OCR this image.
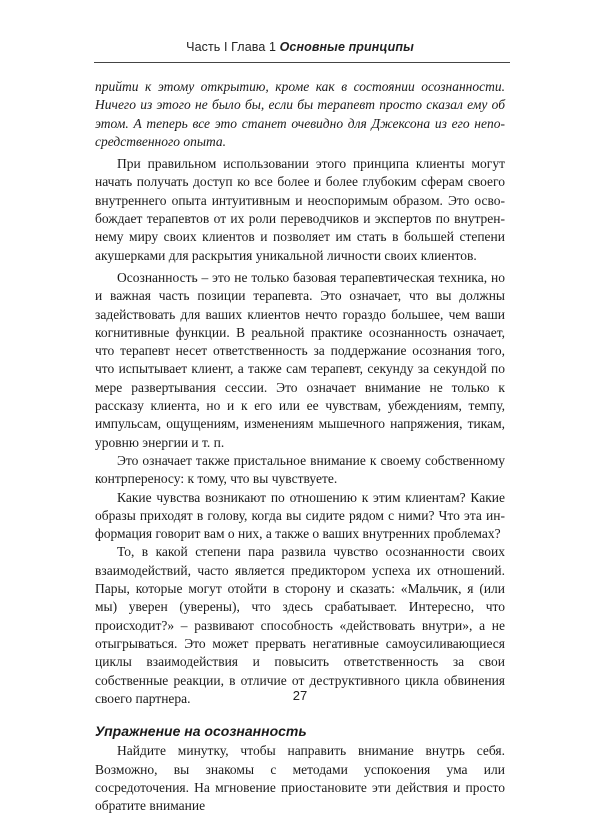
Часть I Глава 1 Основные принципы

прийти к этому открытию, кроме как в состоянии осознанности. Ничего из этого не было бы, если бы терапевт просто сказал ему об этом. А теперь все это станет очевидно для Джексона из его непосредственного опыта.

При правильном использовании этого принципа клиенты могут начать получать доступ ко все более и более глубоким сферам своего внутреннего опыта интуитивным и неоспоримым образом. Это освобождает терапевтов от их роли переводчиков и экспертов по внутреннему миру своих клиентов и позволяет им стать в большей степени акушерками для раскрытия уникальной личности своих клиентов.

Осознанность – это не только базовая терапевтическая техника, но и важная часть позиции терапевта. Это означает, что вы должны задействовать для ваших клиентов нечто гораздо большее, чем ваши когнитивные функции. В реальной практике осознанность означает, что терапевт несет ответственность за поддержание осознания того, что испытывает клиент, а также сам терапевт, секунду за секундой по мере развертывания сессии. Это означает внимание не только к рассказу клиента, но и к его или ее чувствам, убеждениям, темпу, импульсам, ощущениям, изменениям мышечного напряжения, тикам, уровню энергии и т. п.

Это означает также пристальное внимание к своему собственному контрпереносу: к тому, что вы чувствуете.

Какие чувства возникают по отношению к этим клиентам? Какие образы приходят в голову, когда вы сидите рядом с ними? Что эта информация говорит вам о них, а также о ваших внутренних проблемах?

То, в какой степени пара развила чувство осознанности своих взаимодействий, часто является предиктором успеха их отношений. Пары, которые могут отойти в сторону и сказать: «Мальчик, я (или мы) уверен (уверены), что здесь срабатывает. Интересно, что происходит?» – развивают способность «действовать внутри», а не отыгрываться. Это может прервать негативные самоусиливающиеся циклы взаимодействия и повысить ответственность за свои собственные реакции, в отличие от деструктивного цикла обвинения своего партнера.

Упражнение на осознанность

Найдите минутку, чтобы направить внимание внутрь себя. Возможно, вы знакомы с методами успокоения ума или сосредоточения. На мгновение приостановите эти действия и просто обратите внимание

27
